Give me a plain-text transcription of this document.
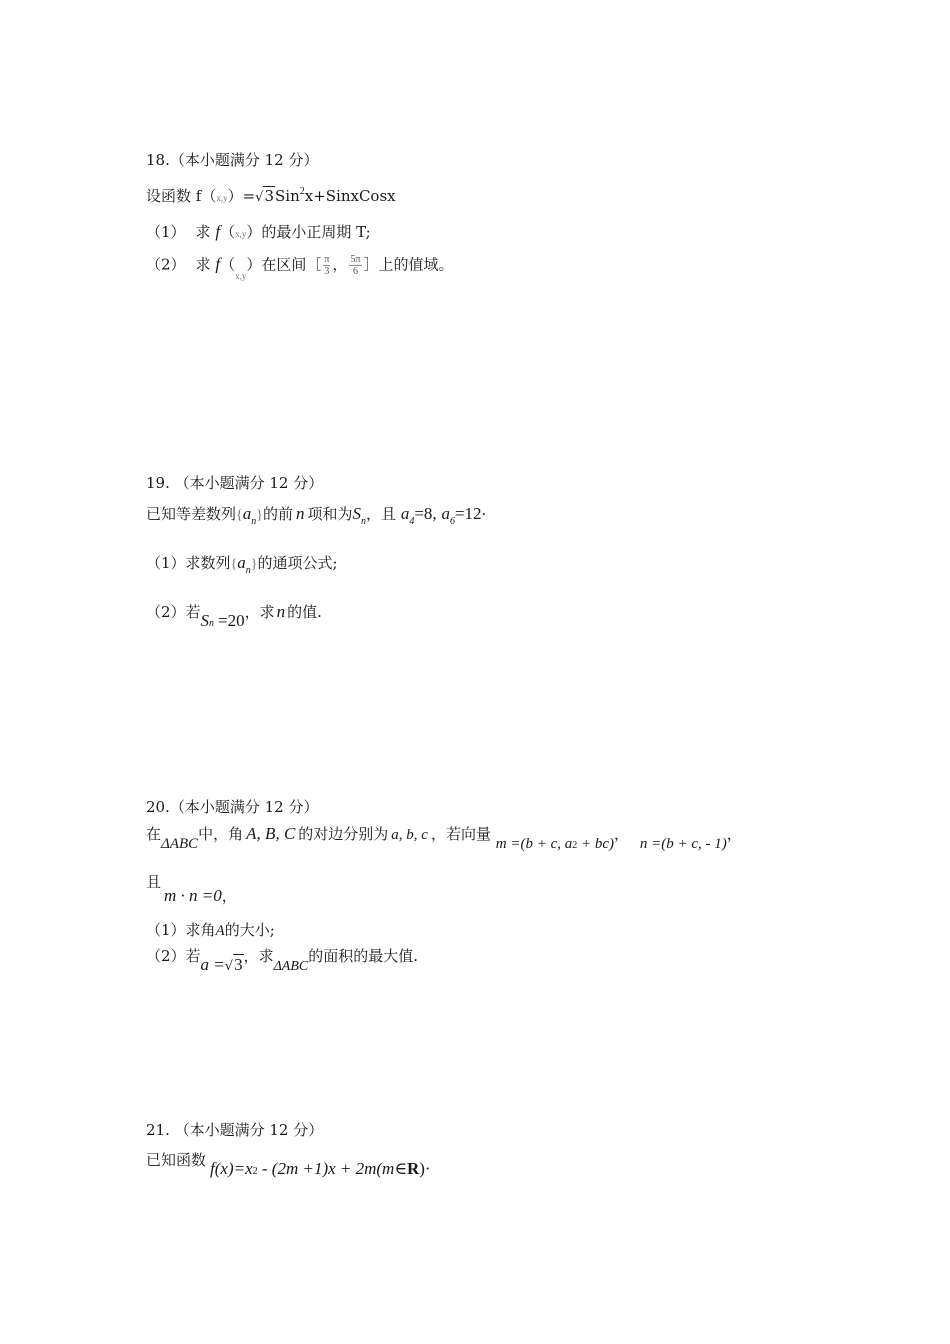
18.（本小题满分 12 分）
设函数 f（x,y）=√3Sin$^2$x+SinxCosx
（1） 求 f（x,y）的最小正周期 T;
（2） 求 $f(_{x,y})$在区间［ $\frac{\pi}{3}$ ， $\frac{5\pi}{6}$ ］上的值域。
19. （本小题满分 12 分）
已知等差数列$\{a_n\}$的前 n 项和为$S_n$，且 $a_4=8$, $a_6=12\cdot$
（1）求数列$\{a_n\}$的通项公式;
（2）若$S_n =20$，求 n 的值.
20.（本小题满分 12 分）
在ΔABC中，角 A, B, C 的对边分别为 a, b, c ，若向量 m =(b + c, $a_2 + bc$)， n =(b + c, - 1)，
且
m · n =0，
（1）求角A的大小;
（2）若a =√3，求ΔABC的面积的最大值.
21. （本小题满分 12 分）
已知函数 $f(x)=x_2 - (2m +1)x$ + 2m(m∈R)·
